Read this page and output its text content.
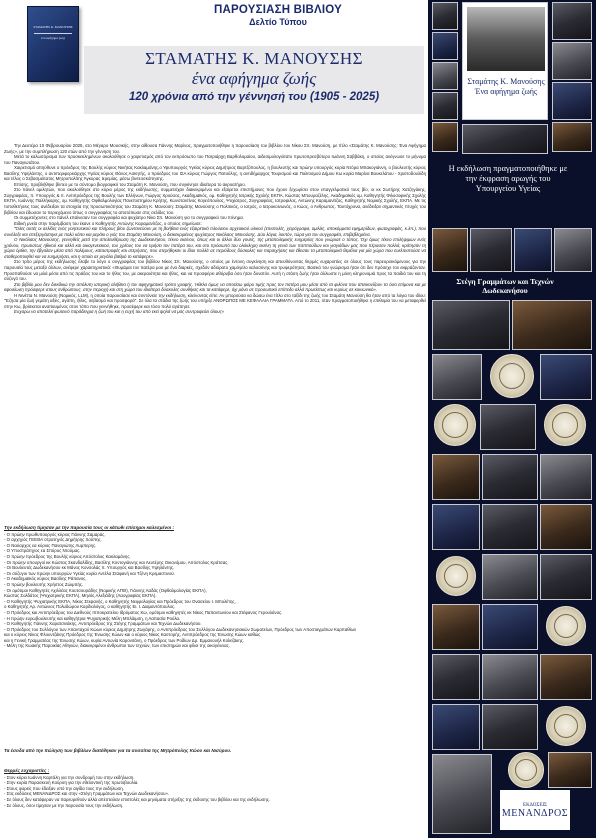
ΣΤΑΜΑΤΗΣ Κ. ΜΑΝΟΥΣΗΣ
ένα αφήγημα ζωής
ΠΑΡΟΥΣΙΑΣΗ ΒΙΒΛΙΟΥ
Δελτίο Τύπου
ΣΤΑΜΑΤΗΣ Κ. ΜΑΝΟΥΣΗΣ
ένα αφήγημα ζωής
120 χρόνια από την γέννησή του (1905 - 2025)

Την Δευτέρα 10 Φεβρουαρίου 2025, στο Μέγαρο Μουσικής, στην αίθουσα Γιάννης Μαρίνος, πραγματοποιήθηκε η παρουσίαση του βιβλίου του Νίκου Σπ. Μανούση, με τίτλο «Σταμάτης Κ. Μανούσης: Ένα Αφήγημα Ζωής», με την συμπλήρωση 120 ετών από την γέννηση του.

Μετά το καλωσόρισμα των προσκεκλημένων ακολούθησε ο χαιρετισμός από τον εκπρόσωπο του Πατριάρχη Βαρθολομαίου, αιδεσιμολογιότατο πρωτοπρεσβύτερο Ιωάννη Σαββάκη, ο οποίος ανέγνωσε το μήνυμα του Παναγιωτάτου.

Χαιρετισμό απηύθυνε ο πρόεδρος της Βουλής κύριος Νικήτας Κακλαμάνης,ο Υφυπουργός Υγείας κύριος Δημήτριος Βαρτζόπουλος, η βουλευτής και πρώην υπουργός κυρία Ντόρα Μπακογιάννη, ο βουλευτής κύριος Βασίλης Υψηλάντης, ο αντιπεριφερειάρχης Υγείας κύριος Θάνος Ασκητής, ο πρόεδρος του ΙΣΑ κύριος Γιώργος Πατούλης, η αντιδήμαρχος Τουρισμού και Πολιτισμού Δήμου Κω κυρία Μαρίνα Βουκελάτου - Χριστοδουλίδη και τέλος ο Σεβασμιότατος Μητροπολίτης Άγκυρας Ιερεμίας, μέσω βιντεοσκόπησης.

Επίσης, προβλήθηκε βίντεο με το σύντομο βιογραφικό του Σταμάτη Κ. Μανούση, που συγκίνησε ιδιαίτερα το ακροατήριο.

Στο πάνελ ομιλητών, που ακολούθησε στο κύριο μέρος της εκδήλωσης, συμμετείχαν διακεκριμένοι και εξαίρετοι επιστήμονες που έχουν ξεχωρίσει στον επαγγελματικό τους βίο, οι κκ Σωτήρης Χατζηγάκης, Συγγραφέας, π. Υπουργός & π. Αντιπρόεδρος της Βουλής των Ελλήνων, Γιώργος Χρούσος, Ακαδημαϊκός, ομ. Καθηγητής Ιατρικής Σχολής ΕΚΠΑ, Κώστας Μπουραζέλης, Ακαδημαϊκός ομ. Καθηγητής Φιλοσοφικής Σχολής ΕΚΠΑ, Ιωάννης Παλλήκαρης, ομ. Καθηγητής Οφθαλμολογίας Πανεπιστημίου Κρήτης, Κωνσταντίνος Κογεόπουλος, Ψυχίατρος, Συγγραφέας, Ιατροφιλος, Αντώνης Καραμανίτζος, Καθηγητής Νομικής Σχολής, ΕΚΠΑ. Με τις τοποθετήσεις τους ανέδειξαν τα στοιχεία της προσωπικότητας του Σταμάτη Κ. Μανούση: Σταμάτης Μανούσης ο Πολιτικός, ο Ιατρός, ο Ιατροκοινωνός, ο Κώος, ο Άνθρωπος. Ταυτόχρονα, ανέδειξαν σημαντικές πτυχές του βιβλίου και έδωσαν το περιεχόμενο όπως ο συγγραφέας το αποτύπωσε στις σελίδες του.

Οι συμμετέχοντες στο πάνελ επαίνεσαν τον συγγραφέα και ψυχίατρο Νίκο Σπ. Μανούση για το συγγραφικό του πόνημα.

Ειδική μνεία στην παρέμβαση του έκανε ο Καθηγητής Αντώνης Καραμανίτζος, ο οποίος σημείωσε:

"Όλες αυτές οι σελίδες ενός γοητευτικού και πλήρους βίου ζωντανεύουν με τη βοήθεια ενός εξαιρετικά πλούσιου αρχειακού υλικού (επιστολές, χειρόγραφα, ομιλίες, αποκόμματα εφημερίδων, φωτογραφίες, κ.λπ.), που συνέλεξε και επεξεργάστηκε με πολύ κόπο και μεράκι ο γιός του Σταμάτη Μανούση, ο διακεκριμένος ψυχίατρος Νικόλαος Μανούσης. Δύο λόγια, λοιπόν, τώρα για τον συγγραφέα, επιβεβλημένα.

Ο Νικόλαος Μανούσης, γεννηθείς μετά την απελευθέρωση της Δωδεκανήσου, τέκνο εκείνου, όπως και οι άλλοι δύο γονείς, της μεταπολεμικής ευημερίας που γνώρισε ο τόπος. Όχι όμως τέκνο επιλήψιμων ενός χρόνου, πρωτιστως ηθικού και αλλά και οικογενειακού, του χρέους του να τιμήσει τον πατέρα του, και στο πρόσωπό του ολόκληρη εκείνη τη γενιά των παππούδων και γιαγιάδων μας που πέρασαν πολλά, κράτησαν τη χώρα όρθια, την έβγαλαν μέσα από πολέμους, καταστροφές και στερήσεις, που στερήθηκαν οι ίδιοι πολλά σε περιόδους δύσκολες και παραιχήσεις και έθεσαν τα μεταπολεμικά θεμέλια για μία χώρα που ευελπιστούσε να σταθεροποιηθεί και να ευημερήσει, και η οποία σε μεγάλο βαθμό το κατάφερε».

Στο τρίτο μέρος της εκδήλωσης έλαβε το λόγο ο συγγραφέας του βιβλίου Νίκος Σπ. Μανούσης, ο οποίος με έντονη συγκίνηση και απευθύνοντας θερμές ευχαριστίες σε όλους τους παρευρισκόμενους για την παρουσία τους μεταξύ άλλων, ανέφερε χαρακτηριστικά: «Θυμάμαι τον πατέρα μου με ένα διαρκές, σχεδόν αδιόρατο χαμόγελο καλοσύνης και τρυφερότητας. Βασικό του γνώρισμα ήταν ότι δεν πρόσεχε τον εκφράζονταν. Προσπαθούσε να μιλά μέσα από τις πράξεις του και το ήθος του, με ακεραιότητα και ήθος, και να προσφέρει αθόρυβα όσο ήταν δυνατόν. Αυτή η στάση ζωής ήταν άλλωστε η μόνη κληρονομιά προς τα παιδιά του και τη σύζυγό του.

Στο βιβλίο μου δεν διεκδικώ την απόλυτη ιστορική αλήθεια ή τον αφηγηματικό τρόπο γραφής. Ήθελα όμως να αποτίσω φόρο τιμής προς τον πατέρα μου μέσα από τα φιλόνα που απεικονίζουν τα όσα επίμονα και με αφοσίωση πρόσφερε στους ανθρώπους, στην περιοχή και στη χώρα του ιδιαίτερα δύσκολες συνθήκες και τα κατάφερε, όχι μόνο σε προσωπικό επίπεδο αλλά πρωτίστως και κυρίως σε κοινωνικό».

Η Νινέττα Ν. Μανούση (Νομικός, LLM), η οποία παρουσίασε και συντόνισε την εκδήλωση, κλείνοντας είπε: Αν μπορούσα να δώσω ένα τίτλο στο ταξίδι της ζωής του Σταμάτη Μανούση θα ήταν από τα λόγια του ιδίου: "Έζησα μία ζωή γεμάτη αξίες, αγάπη, ήθος, σεβασμό και προσφορά". Σε όλα τα στάδια της ζωής του υπήρξε ΑΝΘΡΩΠΟΣ ΜΕ ΚΕΦΑΛΑΙΑ ΓΡΑΜΜΑΤΑ. Από το 2011, όταν πραγματοποιήθηκε η επιθυμία του να μεταφερθεί στην Κω, βρίσκεται αναπαυμένος στον τόπο που γεννήθηκε, προσέφερε και τόσο πολύ αγάπησε.

Ευχαρω να αποτελεί φωτεινό παράδειγμα η ζωή του και η ευχή του από εκεί ψηλά να μας συντροφεύει όλους»

Την εκδήλωση τίμησαν με την παρουσία τους οι κάτωθι επίσημοι καλεσμένοι :
- Ο πρώην πρωθυπουργός κύριος Γιάννης Σαμαράς.
- Ο αρχηγός ΓΕΕΘΑ στρατηγός Δημήτρης Χούπης.
- Ο Ναύαρχος εα κύριος Παναγιώτης Λυμπερης.
- Ο Υποστράτηγος εα Σπύρος Ντούμας.
- Ο πρώην πρόεδρος της Βουλής κύριος Απόστολος Κακλαμάνης.
- Οι πρώην υπουργοί κκ Κώστας Σκανδαλίδης, Βασίλης Κοντογιάννης και Λευτέρης Οικονόμου, Απόστολος Κράτσας.
- Οι Βουλευτές Δωδεκανήσου κκ Μάνος Κονσολάς π. Υπουργός και Βασίλης Υψηλάντης.
- Οι σύζυγοι των πρώην υπουργών Υγείας κυρία Αντέλα Σταφανή και Τζένη Κρεμαστινού.
- Ο Ακαδημαϊκός κύριος Βασίλης Ράπανος.
- Ο πρώην βουλευτής Χρήστος Ζώιμπής.
- Οι ομότιμοι Καθηγητές Αχιλλέας Κουτσουράδης (Νομικής ΑΠΘ), Γιάννης Λαδάς (Οφθαλμολογίας ΕΚΠΑ),
Κώστας Σολδάτος (Ψυχιατρικής ΕΚΠΑ), Μηνάς Αλεξιάδης (Λαογραφίας ΕΚΠΑ).
- Ο Καθηγητής Ψυχιατρικής ΕΚΠΑ, Νίκος Στεφανής, ο Καθηγητής Νεφρολογίας και Πρόεδρος του Ονασείου Ι. Μπολέτης,
ο Καθηγητής Αρ. Αντώνιος Πολυδώρου Καρδιολόγος, ο καθηγητής Ει. Ι. Διαμαντόπουλος.
- Ο Πρόεδρος και Αντιπρόεδρος του Διεθνούς Ιπποκρατείου Ιδρύματος Κω, ομότιμοι καθηγητές κκ Νίκος Παπαντωνίου και Στέφανος Γερουλάνος.
- Η πρώην ευρωβουλευτής και καθηγήτρια Ψυχιατρικής Μέλη Μπλάιμση, η Λαπασία Ρούλα.
- Ο Καθηγητής Γιάννης Χαρατσινάκης, Αντιπρόεδρος της Στέγης Γραμμάτων και Τεχνών Δωδεκανήσου.
- Ο Πρόεδρος του Συλλόγου των Απανταχού Κώων κύριος Δημήτρης Ζωγάρης, ο Αντιπρόεδρος του Συλλόγου Δωδεκανησιακών Σωματείων, Πρόεδρος των Αποσταγμάτων Καρπαθίων
και ο κύριος Νίκος Φλουντζάκης Πρόεδρος της Ένωσης Κώων και ο κύριος Νίκος Καστορής, Αντιπρόεδρος της Ένωσης Κώων καθώς
και η Γενική Γραμματέας της Ένωσης Κώων, κυρία Αντωνία Καρονιτάνη, ο Πρόεδρος των Ροδίων Δρ. Εμμανουήλ Κολεζάκης.
- Μέλη της Κωακής Παροικίας Αθηνών, διακεκριμένοι άνθρωποι των τεχνών, των επιστημών και φίλοι της οικογένειας.
Τα έσοδα από την πώληση των βιβλίων διατέθηκαν για τα συσσίτια της Μητρόπολης Κώου και Νισύρου.
Θερμές ευχαριστίες :
- Στον κύριο Ιωάννη Καρτάλη για την συνδρομή του στην εκδήλωση.
- Στην κυρία Παρασκευή Κούρση για την εθελοντική της πρωτοβουλία.
- Στους φορείς που έδειξαν υπό την αιγίδα τους την εκδήλωση.
- Στις εκδόσεις ΜΕΝΑΝΔΡΟΣ και στην «Στέγη Γραμμάτων και Τεχνών Δωδεκανήσου».
- Σε όλους δεν κατάφεραν να παρευρεθούν αλλά απέστειλαν επιστολές και μηνύματα στήριξης της έκδοσης του βιβλίου και της εκδήλωσης.
- Σε όλους, όσοι τίμησαν με την παρουσία τους την εκδήλωση.
Σταμάτης Κ. Μανούσης
Ένα αφήγημα ζωής
Η εκδήλωση πραγματοποιήθηκε με την έκφραση αρωγής του Υπουργείου Υγείας
Στέγη Γραμμάτων και Τεχνών Δωδεκανήσου
ΕΚΔΟΣΕΙΣ
ΜΕΝΑΝΔΡΟΣ
